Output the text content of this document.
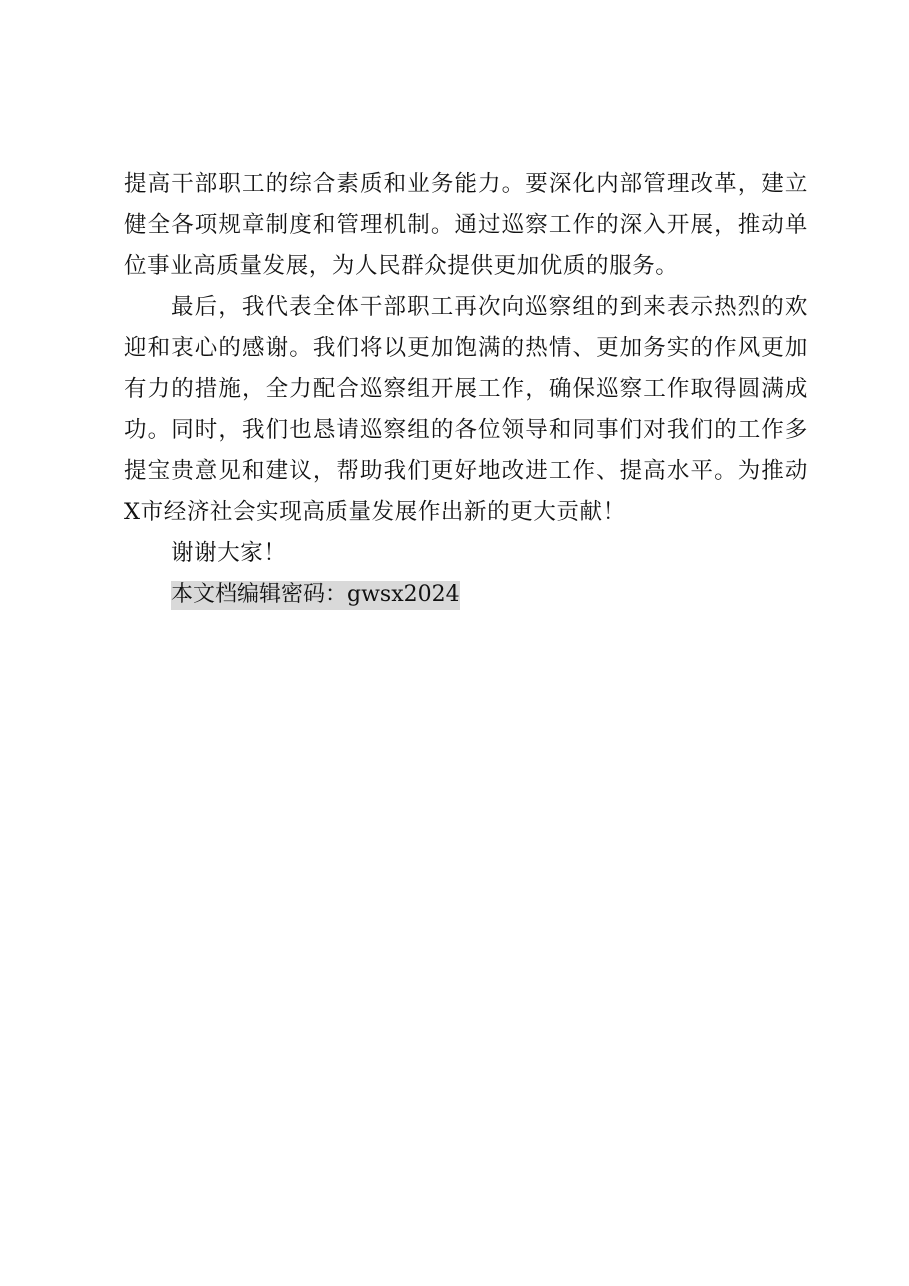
提高干部职工的综合素质和业务能力。要深化内部管理改革，建立健全各项规章制度和管理机制。通过巡察工作的深入开展，推动单位事业高质量发展，为人民群众提供更加优质的服务。

最后，我代表全体干部职工再次向巡察组的到来表示热烈的欢迎和衷心的感谢。我们将以更加饱满的热情、更加务实的作风更加有力的措施，全力配合巡察组开展工作，确保巡察工作取得圆满成功。同时，我们也恳请巡察组的各位领导和同事们对我们的工作多提宝贵意见和建议，帮助我们更好地改进工作、提高水平。为推动X市经济社会实现高质量发展作出新的更大贡献！

谢谢大家！

本文档编辑密码：gwsx2024
